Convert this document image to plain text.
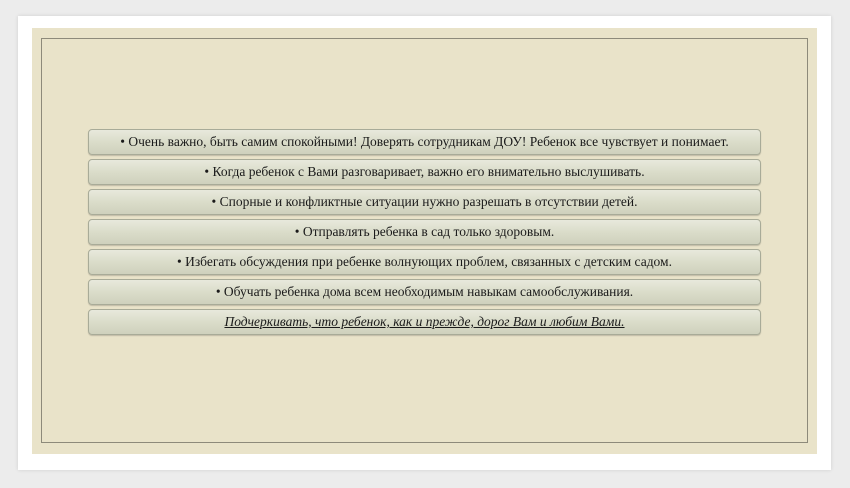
• Очень важно, быть самим спокойными! Доверять сотрудникам ДОУ! Ребенок все чувствует и понимает.
• Когда ребенок с Вами разговаривает, важно его внимательно выслушивать.
• Спорные и конфликтные ситуации нужно разрешать в отсутствии детей.
• Отправлять ребенка в сад только здоровым.
• Избегать обсуждения при ребенке волнующих проблем, связанных с детским садом.
• Обучать ребенка дома всем необходимым навыкам самообслуживания.
Подчеркивать, что ребенок, как и прежде, дорог Вам и любим Вами.
